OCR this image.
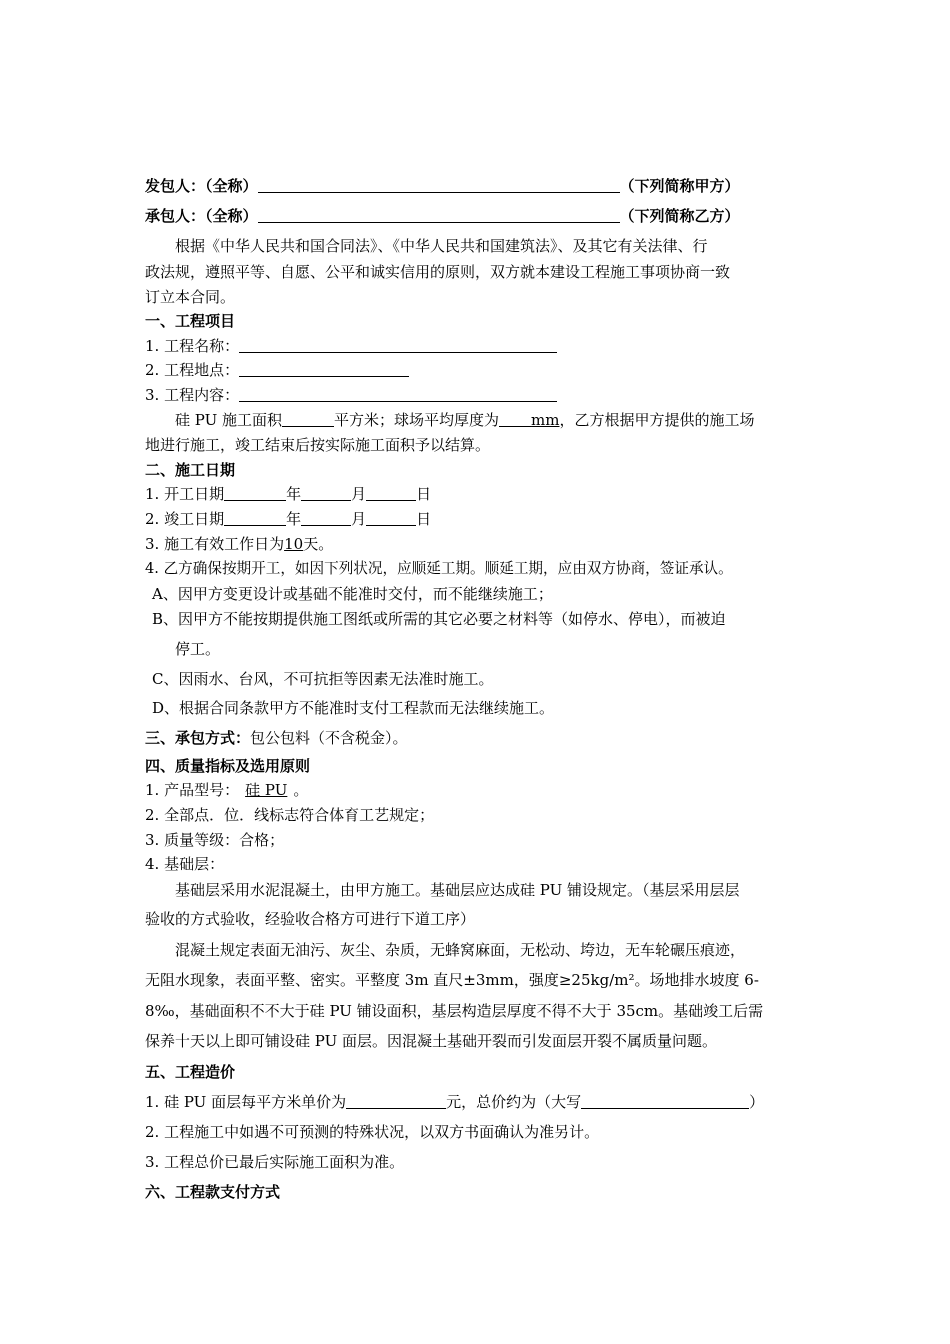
发包人：（全称）	（下列简称甲方）
承包人：（全称）	（下列简称乙方）
根据《中华人民共和国合同法》、《中华人民共和国建筑法》、及其它有关法律、行
政法规，遵照平等、自愿、公平和诚实信用的原则，双方就本建设工程施工事项协商一致
订立本合同。
一、工程项目
1. 工程名称：
2. 工程地点：
3. 工程内容：
硅 PU 施工面积	平方米；球场平均厚度为 mm，乙方根据甲方提供的施工场
地进行施工，竣工结束后按实际施工面积予以结算。
二、施工日期
1. 开工日期	年	月	日
2. 竣工日期	年	月	日
3. 施工有效工作日为10天。
4. 乙方确保按期开工，如因下列状况，应顺延工期。顺延工期，应由双方协商，签证承认。
A、因甲方变更设计或基础不能准时交付，而不能继续施工；
B、因甲方不能按期提供施工图纸或所需的其它必要之材料等（如停水、停电），而被迫
停工。
C、因雨水、台风，不可抗拒等因素无法准时施工。
D、根据合同条款甲方不能准时支付工程款而无法继续施工。
三、承包方式：包公包料（不含税金）。
四、质量指标及选用原则
1. 产品型号： 硅 PU 。
2. 全部点．位．线标志符合体育工艺规定；
3. 质量等级：合格；
4. 基础层：
基础层采用水泥混凝土，由甲方施工。基础层应达成硅 PU 铺设规定。（基层采用层层
验收的方式验收，经验收合格方可进行下道工序）
混凝土规定表面无油污、灰尘、杂质，无蜂窝麻面，无松动、垮边，无车轮碾压痕迹，
无阻水现象，表面平整、密实。平整度 3m 直尺±3mm，强度≥25kg/m²。场地排水坡度 6-
8‰，基础面积不不大于硅 PU 铺设面积，基层构造层厚度不得不大于 35cm。基础竣工后需
保养十天以上即可铺设硅 PU 面层。因混凝土基础开裂而引发面层开裂不属质量问题。
五、工程造价
1. 硅 PU 面层每平方米单价为	元，总价约为（大写	）
2. 工程施工中如遇不可预测的特殊状况，以双方书面确认为准另计。
3. 工程总价已最后实际施工面积为准。
六、工程款支付方式
